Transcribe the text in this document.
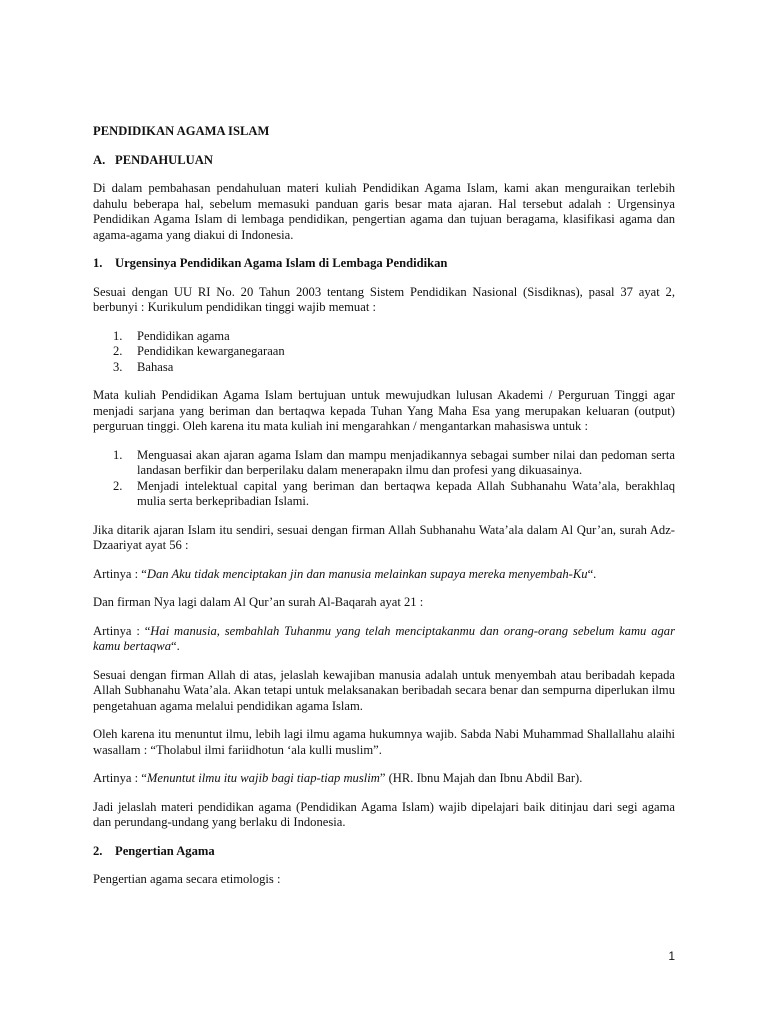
PENDIDIKAN AGAMA ISLAM
A. PENDAHULUAN

Di dalam pembahasan pendahuluan materi kuliah Pendidikan Agama Islam, kami akan menguraikan terlebih dahulu beberapa hal, sebelum memasuki panduan garis besar mata ajaran. Hal tersebut adalah : Urgensinya Pendidikan Agama Islam di lembaga pendidikan, pengertian agama dan tujuan beragama, klasifikasi agama dan agama-agama yang diakui di Indonesia.

1. Urgensinya Pendidikan Agama Islam di Lembaga Pendidikan

Sesuai dengan UU RI No. 20 Tahun 2003 tentang Sistem Pendidikan Nasional (Sisdiknas), pasal 37 ayat 2, berbunyi : Kurikulum pendidikan tinggi wajib memuat :

1.	Pendidikan agama
2.	Pendidikan kewarganegaraan
3.	Bahasa

Mata kuliah Pendidikan Agama Islam bertujuan untuk mewujudkan lulusan Akademi / Perguruan Tinggi agar menjadi sarjana yang beriman dan bertaqwa kepada Tuhan Yang Maha Esa yang merupakan keluaran (output) perguruan tinggi. Oleh karena itu mata kuliah ini mengarahkan / mengantarkan mahasiswa untuk :

1.	Menguasai akan ajaran agama Islam dan mampu menjadikannya sebagai sumber nilai dan pedoman serta landasan berfikir dan berperilaku dalam menerapakn ilmu dan profesi yang dikuasainya.
2.	Menjadi intelektual capital yang beriman dan bertaqwa kepada Allah Subhanahu Wata’ala, berakhlaq mulia serta berkepribadian Islami.

Jika ditarik ajaran Islam itu sendiri, sesuai dengan firman Allah Subhanahu Wata’ala dalam Al Qur’an, surah Adz-Dzaariyat ayat 56 :

Artinya : “Dan Aku tidak menciptakan jin dan manusia melainkan supaya mereka menyembah-Ku“.

Dan firman Nya lagi dalam Al Qur’an surah Al-Baqarah ayat 21 :

Artinya : “Hai manusia, sembahlah Tuhanmu yang telah menciptakanmu dan orang-orang sebelum kamu agar kamu bertaqwa“.

Sesuai dengan firman Allah di atas, jelaslah kewajiban manusia adalah untuk menyembah atau beribadah kepada Allah Subhanahu Wata’ala. Akan tetapi untuk melaksanakan beribadah secara benar dan sempurna diperlukan ilmu pengetahuan agama melalui pendidikan agama Islam.

Oleh karena itu menuntut ilmu, lebih lagi ilmu agama hukumnya wajib. Sabda Nabi Muhammad Shallallahu alaihi wasallam : “Tholabul ilmi fariidhotun ‘ala kulli muslim”.

Artinya : “Menuntut ilmu itu wajib bagi tiap-tiap muslim” (HR. Ibnu Majah dan Ibnu Abdil Bar).

Jadi jelaslah materi pendidikan agama (Pendidikan Agama Islam) wajib dipelajari baik ditinjau dari segi agama dan perundang-undang yang berlaku di Indonesia.

2. Pengertian Agama

Pengertian agama secara etimologis :

1
